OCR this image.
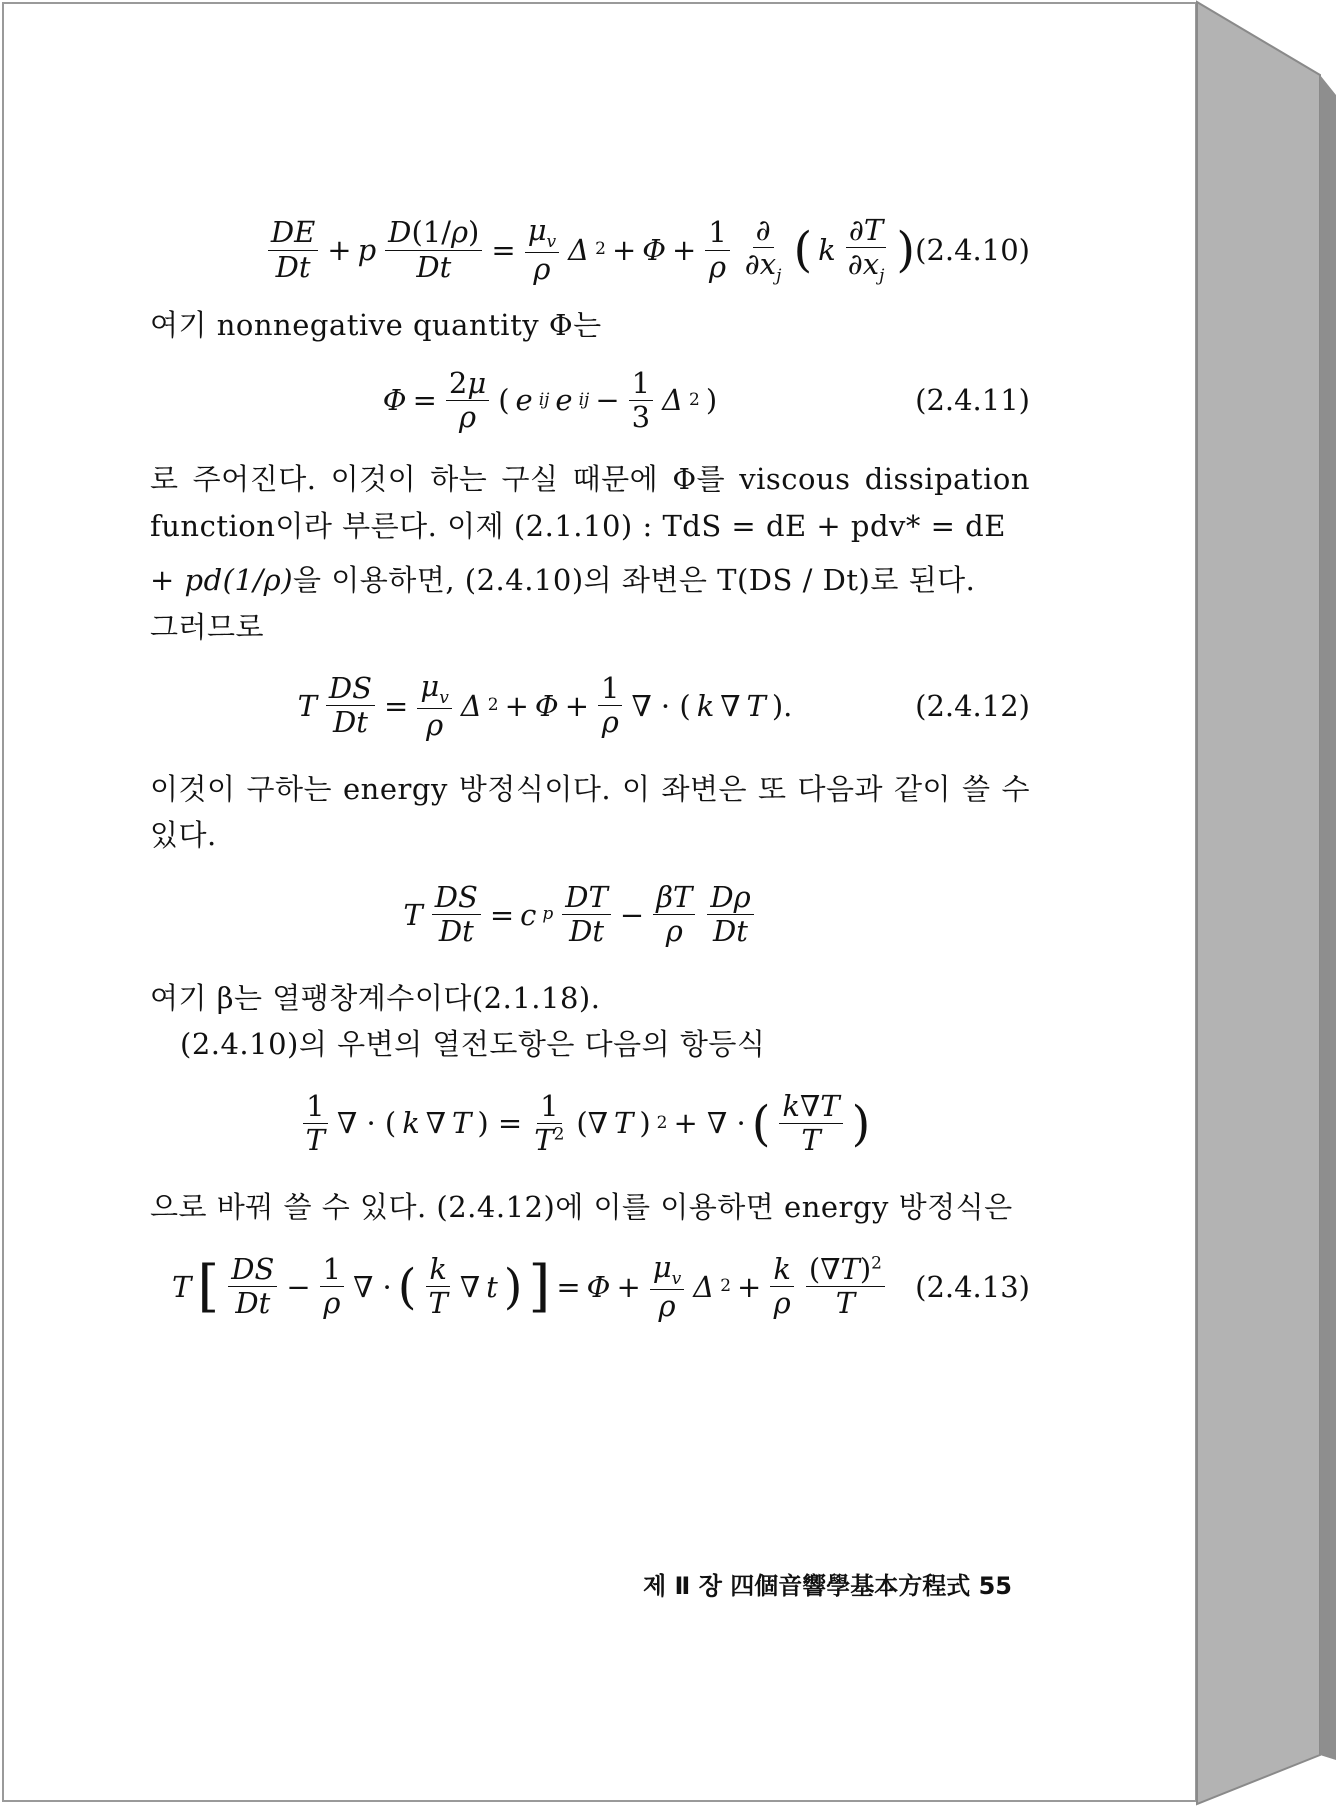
$\frac{DE}{Dt} + p \frac{D(1/\rho)}{Dt} = \frac{\mu_v}{\rho}$ Δ $2 + \Phi + \frac{1}{\rho} \frac{\partial}{\partial x_j}$ ( k $\frac{\partial T}{\partial x_j}$ ) (2.4.10)

여기 nonnegative quantity Φ는

$\Phi = \frac{2\mu}{\rho}$ ( e ij e ij − $\frac{1}{3}$ Δ 2 )	(2.4.11)

로 주어진다. 이것이 하는 구실 때문에 Φ를 viscous dissipation function이라 부른다. 이제 (2.1.10) : TdS = dE + pdv* = dE

+ pd(1/ρ) 을 이용하면, (2.4.10)의 좌변은 T(DS / Dt)로 된다.

그러므로

T $\frac{DS}{Dt} = \frac{\mu_v}{\rho}$ Δ $2 + \Phi + \frac{1}{\rho}$ ∇ · ( k ∇ T ).	(2.4.12)

이것이 구하는 energy 방정식이다. 이 좌변은 또 다음과 같이 쓸 수 있다.

T $\frac{DS}{Dt} = c$ p $\frac{DT}{Dt} - \frac{\beta T}{\rho} \frac{D\rho}{Dt}$

여기 β는 열팽창계수이다(2.1.18).

(2.4.10)의 우변의 열전도항은 다음의 항등식

$\frac{1}{T}$ ∇ · ( k ∇ T ) = $\frac{1}{T^2}$ (∇ T ) 2 + ∇ · ( $\frac{k\nabla T}{T}$ )

으로 바꿔 쓸 수 있다. (2.4.12)에 이를 이용하면 energy 방정식은

T [ $\frac{DS}{Dt} - \frac{1}{\rho}$ ∇ · ( $\frac{k}{T}$ ∇ t ) ] = $\Phi + \frac{\mu_v}{\rho}$ Δ $2 + \frac{k}{\rho} \frac{(\nabla T)^2}{T} (2.4.13)$
제 Ⅱ 장 四個音響學基本方程式 55
